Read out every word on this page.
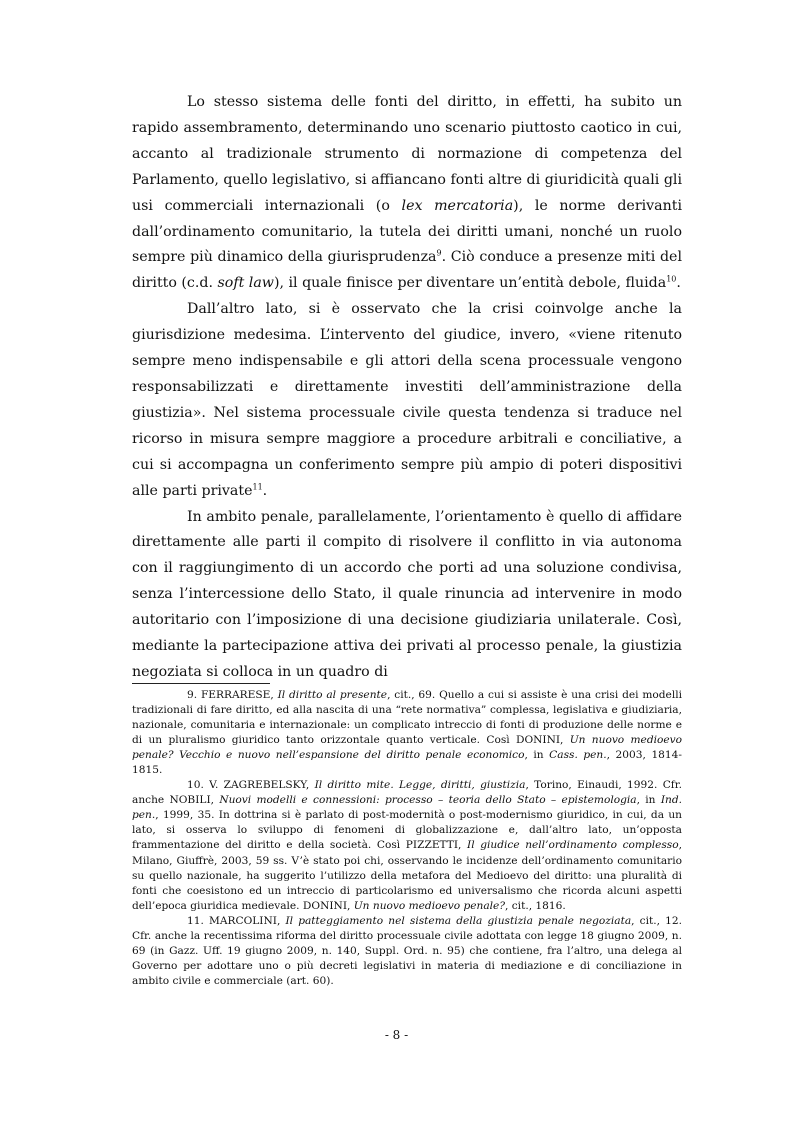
Lo stesso sistema delle fonti del diritto, in effetti, ha subito un rapido assembramento, determinando uno scenario piuttosto caotico in cui, accanto al tradizionale strumento di normazione di competenza del Parlamento, quello legislativo, si affiancano fonti altre di giuridicità quali gli usi commerciali internazionali (o lex mercatoria), le norme derivanti dall’ordinamento comunitario, la tutela dei diritti umani, nonché un ruolo sempre più dinamico della giurisprudenza$^9$. Ciò conduce a presenze miti del diritto (c.d. soft law), il quale finisce per diventare un’entità debole, fluida$^{10}$.

Dall’altro lato, si è osservato che la crisi coinvolge anche la giurisdizione medesima. L’intervento del giudice, invero, «viene ritenuto sempre meno indispensabile e gli attori della scena processuale vengono responsabilizzati e direttamente investiti dell’amministrazione della giustizia». Nel sistema processuale civile questa tendenza si traduce nel ricorso in misura sempre maggiore a procedure arbitrali e conciliative, a cui si accompagna un conferimento sempre più ampio di poteri dispositivi alle parti private$^{11}$.

In ambito penale, parallelamente, l’orientamento è quello di affidare direttamente alle parti il compito di risolvere il conflitto in via autonoma con il raggiungimento di un accordo che porti ad una soluzione condivisa, senza l’intercessione dello Stato, il quale rinuncia ad intervenire in modo autoritario con l’imposizione di una decisione giudiziaria unilaterale. Così, mediante la partecipazione attiva dei privati al processo penale, la giustizia negoziata si colloca in un quadro di

9. FERRARESE, Il diritto al presente, cit., 69. Quello a cui si assiste è una crisi dei modelli tradizionali di fare diritto, ed alla nascita di una “rete normativa” complessa, legislativa e giudiziaria, nazionale, comunitaria e internazionale: un complicato intreccio di fonti di produzione delle norme e di un pluralismo giuridico tanto orizzontale quanto verticale. Così DONINI, Un nuovo medioevo penale? Vecchio e nuovo nell’espansione del diritto penale economico, in Cass. pen., 2003, 1814-1815.

10. V. ZAGREBELSKY, Il diritto mite. Legge, diritti, giustizia, Torino, Einaudi, 1992. Cfr. anche NOBILI, Nuovi modelli e connessioni: processo – teoria dello Stato – epistemologia, in Ind. pen., 1999, 35. In dottrina si è parlato di post-modernità o post-modernismo giuridico, in cui, da un lato, si osserva lo sviluppo di fenomeni di globalizzazione e, dall’altro lato, un’opposta frammentazione del diritto e della società. Così PIZZETTI, Il giudice nell’ordinamento complesso, Milano, Giuffrè, 2003, 59 ss. V’è stato poi chi, osservando le incidenze dell’ordinamento comunitario su quello nazionale, ha suggerito l’utilizzo della metafora del Medioevo del diritto: una pluralità di fonti che coesistono ed un intreccio di particolarismo ed universalismo che ricorda alcuni aspetti dell’epoca giuridica medievale. DONINI, Un nuovo medioevo penale?, cit., 1816.

11. MARCOLINI, Il patteggiamento nel sistema della giustizia penale negoziata, cit., 12. Cfr. anche la recentissima riforma del diritto processuale civile adottata con legge 18 giugno 2009, n. 69 (in Gazz. Uff. 19 giugno 2009, n. 140, Suppl. Ord. n. 95) che contiene, fra l’altro, una delega al Governo per adottare uno o più decreti legislativi in materia di mediazione e di conciliazione in ambito civile e commerciale (art. 60).

- 8 -
